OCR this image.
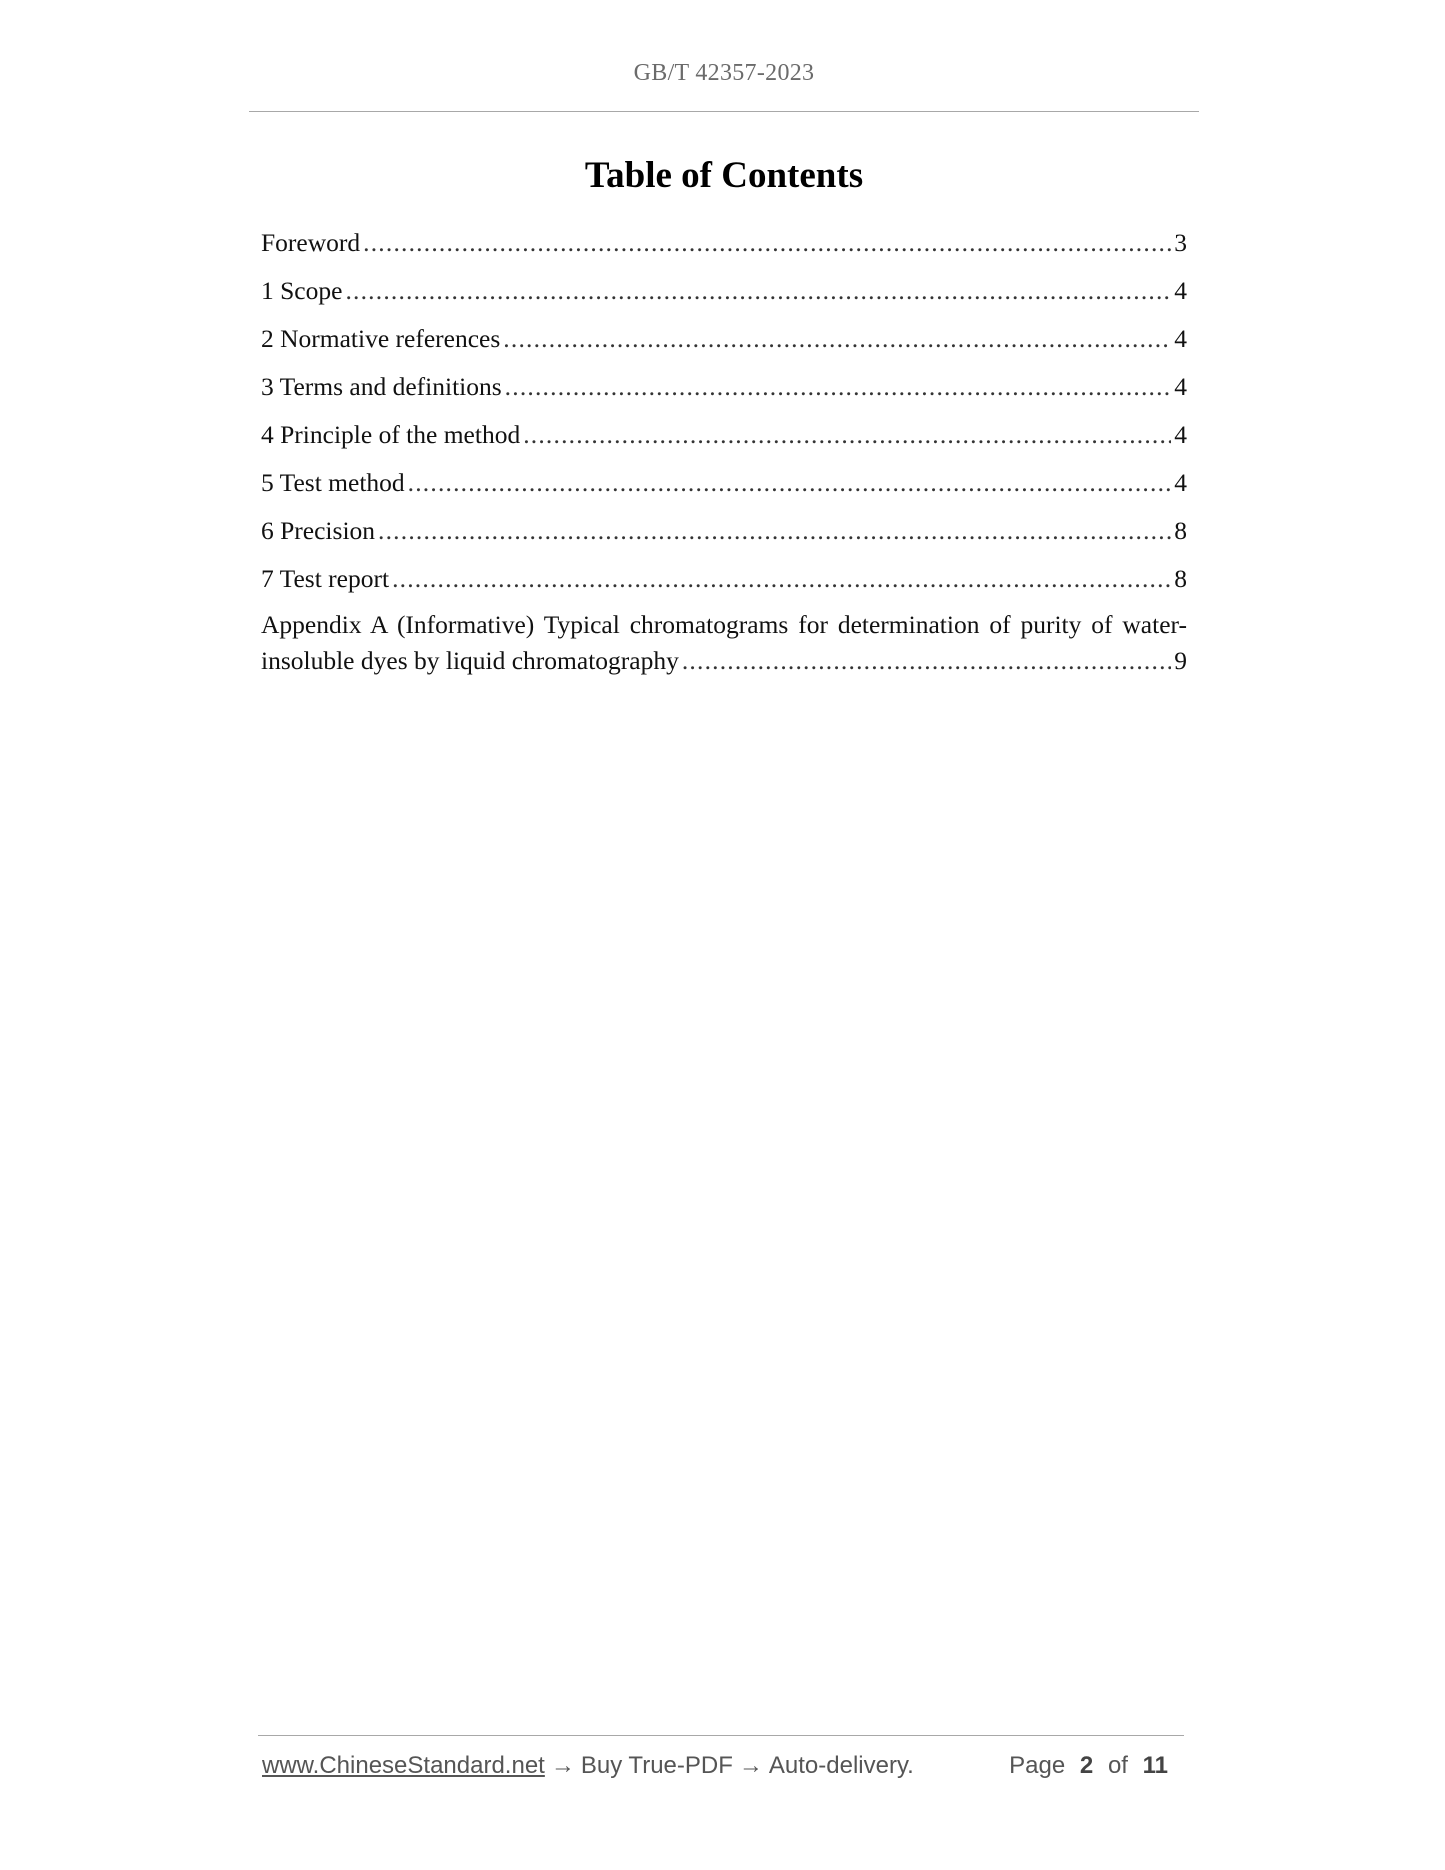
GB/T 42357-2023
Table of Contents
Foreword .....	3
1 Scope .....	4
2 Normative references .....	4
3 Terms and definitions .....	4
4 Principle of the method .....	4
5 Test method .....	4
6 Precision .....	8
7 Test report .....	8
Appendix A (Informative) Typical chromatograms for determination of purity of water-
insoluble dyes by liquid chromatography .....	9
www.ChineseStandard.net → Buy True-PDF → Auto-delivery.	Page 2 of 11
